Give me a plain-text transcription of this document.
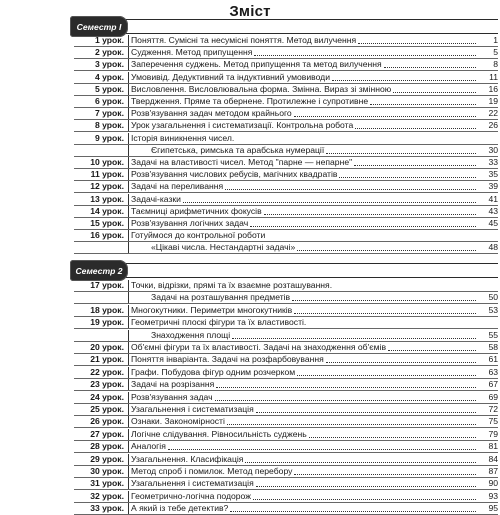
Зміст
Семестр І
1 урок. Поняття. Сумісні та несумісні поняття. Метод вилучення	1
2 урок. Судження. Метод припущення	5
3 урок. Заперечення суджень. Метод припущення та метод вилучення	8
4 урок. Умовивід. Дедуктивний та індуктивний умовиводи	11
5 урок. Висловлення. Висловлювальна форма. Змінна. Вираз зі змінною	16
6 урок. Твердження. Пряме та обернене. Протилежне і супротивне	19
7 урок. Розв'язування задач методом крайнього	22
8 урок. Урок узагальнення і систематизації. Контрольна робота	26
9 урок. Історія виникнення чисел.
Єгипетська, римська та арабська нумерації	30
10 урок. Задачі на властивості чисел. Метод "парне — непарне"	33
11 урок. Розв'язування числових ребусів, магічних квадратів	35
12 урок. Задачі на переливання	39
13 урок. Задачі-казки	41
14 урок. Таємниці арифметичних фокусів	43
15 урок. Розв'язування логічних задач	45
16 урок. Готуймося до контрольної роботи
«Цікаві числа. Нестандартні задачі»	48
Семестр 2
17 урок. Точки, відрізки, прямі та їх взаємне розташування.
Задачі на розташування предметів	50
18 урок. Многокутники. Периметри многокутників	53
19 урок. Геометричні плоскі фігури та їх властивості.
Знаходження площі	55
20 урок. Об'ємні фігури та їх властивості. Задачі на знаходження об'ємів	58
21 урок. Поняття інваріанта. Задачі на розфарбовування	61
22 урок. Графи. Побудова фігур одним розчерком	63
23 урок. Задачі на розрізання	67
24 урок. Розв'язування задач	69
25 урок. Узагальнення і систематизація	72
26 урок. Ознаки. Закономірності	75
27 урок. Логічне слідування. Рівносильність суджень	79
28 урок. Аналогія	81
29 урок. Узагальнення. Класифікація	84
30 урок. Метод спроб і помилок. Метод перебору	87
31 урок. Узагальнення і систематизація	90
32 урок. Геометрично-логічна подорож	93
33 урок. А який із тебе детектив?	95
